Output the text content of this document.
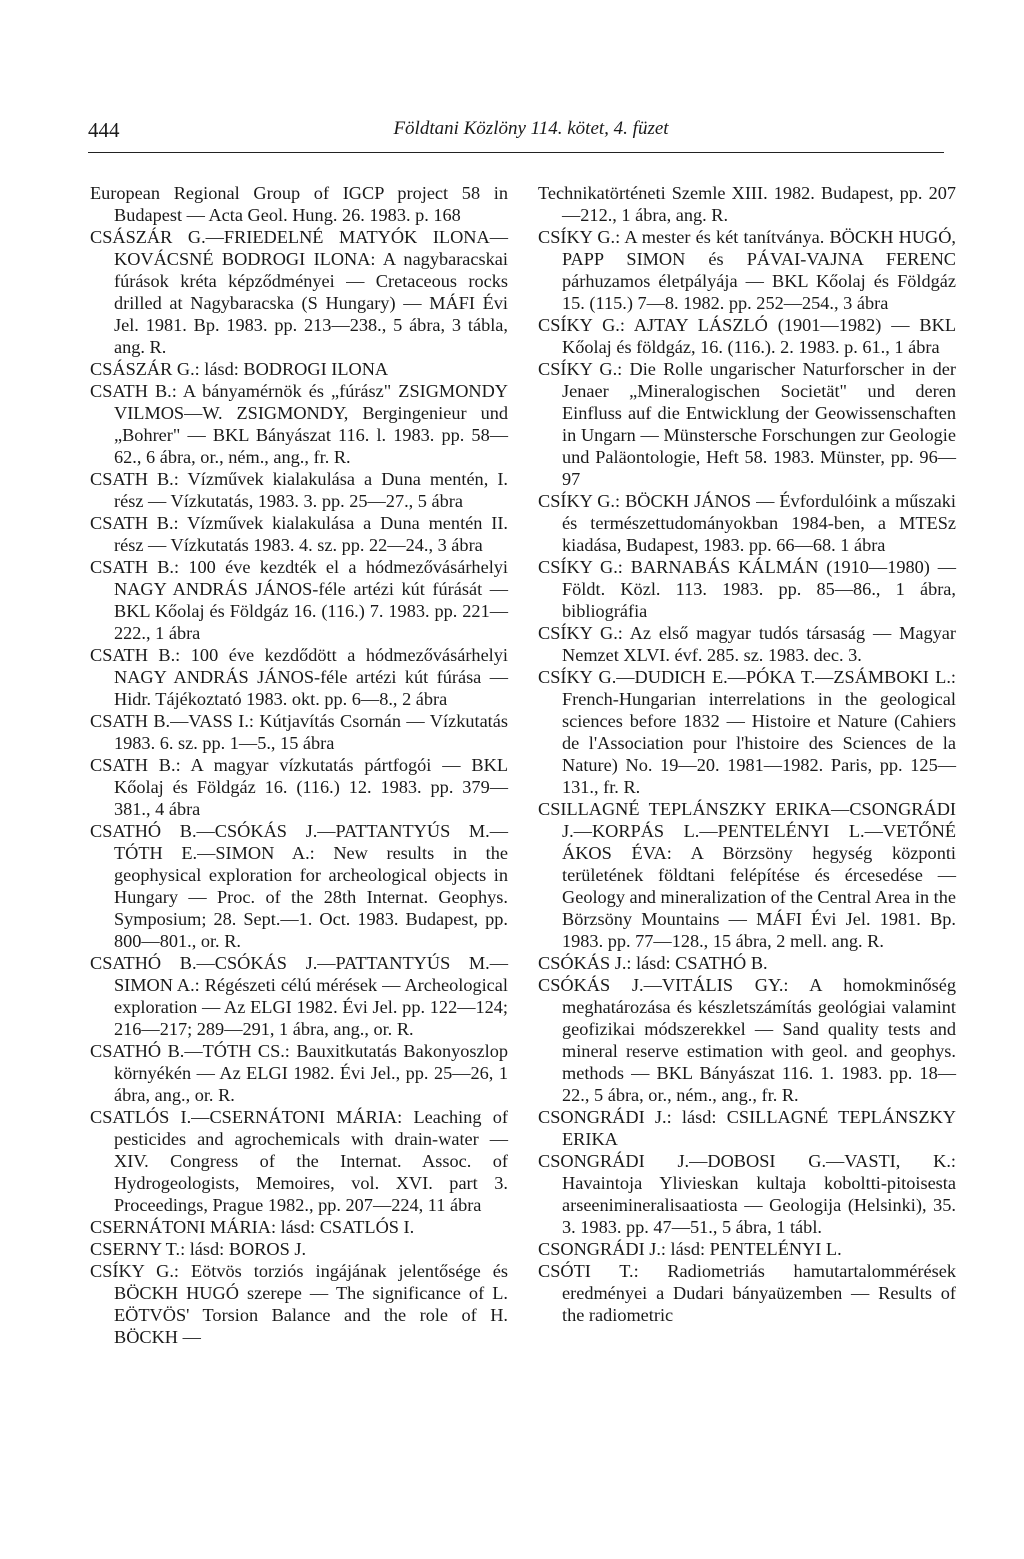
444	Földtani Közlöny 114. kötet, 4. füzet

European Regional Group of IGCP project 58 in Budapest — Acta Geol. Hung. 26. 1983. p. 168

CSÁSZÁR G.—FRIEDELNÉ MATYÓK ILONA—KOVÁCSNÉ BODROGI ILONA: A nagybaracskai fúrások kréta képződményei — Cretaceous rocks drilled at Nagybaracska (S Hungary) — MÁFI Évi Jel. 1981. Bp. 1983. pp. 213—238., 5 ábra, 3 tábla, ang. R.

CSÁSZÁR G.: lásd: BODROGI ILONA

CSATH B.: A bányamérnök és „fúrász" ZSIGMONDY VILMOS—W. ZSIGMONDY, Bergingenieur und „Bohrer" — BKL Bányászat 116. l. 1983. pp. 58—62., 6 ábra, or., ném., ang., fr. R.

CSATH B.: Vízművek kialakulása a Duna mentén, I. rész — Vízkutatás, 1983. 3. pp. 25—27., 5 ábra

CSATH B.: Vízművek kialakulása a Duna mentén II. rész — Vízkutatás 1983. 4. sz. pp. 22—24., 3 ábra

CSATH B.: 100 éve kezdték el a hódmezővásárhelyi NAGY ANDRÁS JÁNOS-féle artézi kút fúrását — BKL Kőolaj és Földgáz 16. (116.) 7. 1983. pp. 221—222., 1 ábra

CSATH B.: 100 éve kezdődött a hódmezővásárhelyi NAGY ANDRÁS JÁNOS-féle artézi kút fúrása — Hidr. Tájékoztató 1983. okt. pp. 6—8., 2 ábra

CSATH B.—VASS I.: Kútjavítás Csornán — Vízkutatás 1983. 6. sz. pp. 1—5., 15 ábra

CSATH B.: A magyar vízkutatás pártfogói — BKL Kőolaj és Földgáz 16. (116.) 12. 1983. pp. 379—381., 4 ábra

CSATHÓ B.—CSÓKÁS J.—PATTANTYÚS M.—TÓTH E.—SIMON A.: New results in the geophysical exploration for archeological objects in Hungary — Proc. of the 28th Internat. Geophys. Symposium; 28. Sept.—1. Oct. 1983. Budapest, pp. 800—801., or. R.

CSATHÓ B.—CSÓKÁS J.—PATTANTYÚS M.—SIMON A.: Régészeti célú mérések — Archeological exploration — Az ELGI 1982. Évi Jel. pp. 122—124; 216—217; 289—291, 1 ábra, ang., or. R.

CSATHÓ B.—TÓTH CS.: Bauxitkutatás Bakonyoszlop környékén — Az ELGI 1982. Évi Jel., pp. 25—26, 1 ábra, ang., or. R.

CSATLÓS I.—CSERNÁTONI MÁRIA: Leaching of pesticides and agrochemicals with drain-water — XIV. Congress of the Internat. Assoc. of Hydrogeologists, Memoires, vol. XVI. part 3. Proceedings, Prague 1982., pp. 207—224, 11 ábra

CSERNÁTONI MÁRIA: lásd: CSATLÓS I.

CSERNY T.: lásd: BOROS J.

CSÍKY G.: Eötvös torziós ingájának jelentősége és BÖCKH HUGÓ szerepe — The significance of L. EÖTVÖS' Torsion Balance and the role of H. BÖCKH —

Technikatörténeti Szemle XIII. 1982. Budapest, pp. 207—212., 1 ábra, ang. R.

CSÍKY G.: A mester és két tanítványa. BÖCKH HUGÓ, PAPP SIMON és PÁVAI-VAJNA FERENC párhuzamos életpályája — BKL Kőolaj és Földgáz 15. (115.) 7—8. 1982. pp. 252—254., 3 ábra

CSÍKY G.: AJTAY LÁSZLÓ (1901—1982) — BKL Kőolaj és földgáz, 16. (116.). 2. 1983. p. 61., 1 ábra

CSÍKY G.: Die Rolle ungarischer Naturforscher in der Jenaer „Mineralogischen Societät" und deren Einfluss auf die Entwicklung der Geowissenschaften in Ungarn — Münstersche Forschungen zur Geologie und Paläontologie, Heft 58. 1983. Münster, pp. 96—97

CSÍKY G.: BÖCKH JÁNOS — Évfordulóink a műszaki és természettudományokban 1984-ben, a MTESz kiadása, Budapest, 1983. pp. 66—68. 1 ábra

CSÍKY G.: BARNABÁS KÁLMÁN (1910—1980) — Földt. Közl. 113. 1983. pp. 85—86., 1 ábra, bibliográfia

CSÍKY G.: Az első magyar tudós társaság — Magyar Nemzet XLVI. évf. 285. sz. 1983. dec. 3.

CSÍKY G.—DUDICH E.—PÓKA T.—ZSÁMBOKI L.: French-Hungarian interrelations in the geological sciences before 1832 — Histoire et Nature (Cahiers de l'Association pour l'histoire des Sciences de la Nature) No. 19—20. 1981—1982. Paris, pp. 125—131., fr. R.

CSILLAGNÉ TEPLÁNSZKY ERIKA—CSONGRÁDI J.—KORPÁS L.—PENTELÉNYI L.—VETŐNÉ ÁKOS ÉVA: A Börzsöny hegység központi területének földtani felépítése és ércesedése — Geology and mineralization of the Central Area in the Börzsöny Mountains — MÁFI Évi Jel. 1981. Bp. 1983. pp. 77—128., 15 ábra, 2 mell. ang. R.

CSÓKÁS J.: lásd: CSATHÓ B.

CSÓKÁS J.—VITÁLIS GY.: A homokminőség meghatározása és készletszámítás geológiai valamint geofizikai módszerekkel — Sand quality tests and mineral reserve estimation with geol. and geophys. methods — BKL Bányászat 116. 1. 1983. pp. 18—22., 5 ábra, or., ném., ang., fr. R.

CSONGRÁDI J.: lásd: CSILLAGNÉ TEPLÁNSZKY ERIKA

CSONGRÁDI J.—DOBOSI G.—VASTI, K.: Havaintoja Ylivieskan kultaja koboltti-pitoisesta arseenimineralisaatiosta — Geologija (Helsinki), 35. 3. 1983. pp. 47—51., 5 ábra, 1 tábl.

CSONGRÁDI J.: lásd: PENTELÉNYI L.

CSÓTI T.: Radiometriás hamutartalommérések eredményei a Dudari bányaüzemben — Results of the radiometric
